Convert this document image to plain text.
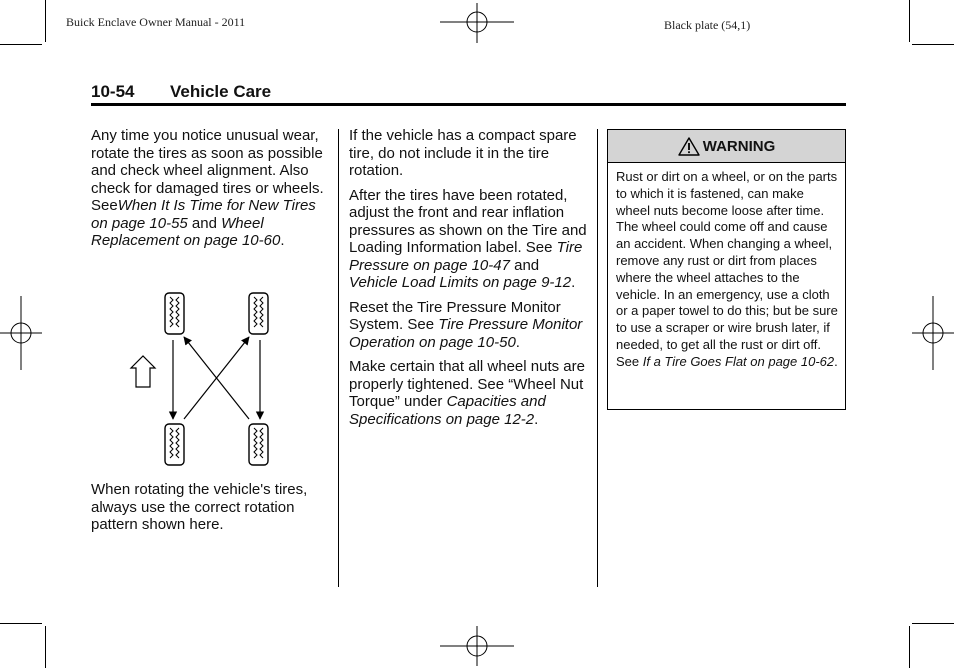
Buick Enclave Owner Manual - 2011	Black plate (54,1)
10-54 Vehicle Care

Any time you notice unusual wear, rotate the tires as soon as possible and check wheel alignment. Also check for damaged tires or wheels. SeeWhen It Is Time for New Tires on page 10-55 and Wheel Replacement on page 10-60.

When rotating the vehicle's tires, always use the correct rotation pattern shown here.

If the vehicle has a compact spare tire, do not include it in the tire rotation.

After the tires have been rotated, adjust the front and rear inflation pressures as shown on the Tire and Loading Information label. See Tire Pressure on page 10-47 and Vehicle Load Limits on page 9-12.

Reset the Tire Pressure Monitor System. See Tire Pressure Monitor Operation on page 10-50.

Make certain that all wheel nuts are properly tightened. See “Wheel Nut Torque” under Capacities and Specifications on page 12-2.

WARNING
Rust or dirt on a wheel, or on the parts to which it is fastened, can make wheel nuts become loose after time. The wheel could come off and cause an accident. When changing a wheel, remove any rust or dirt from places where the wheel attaches to the vehicle. In an emergency, use a cloth or a paper towel to do this; but be sure to use a scraper or wire brush later, if needed, to get all the rust or dirt off. See If a Tire Goes Flat on page 10-62.
